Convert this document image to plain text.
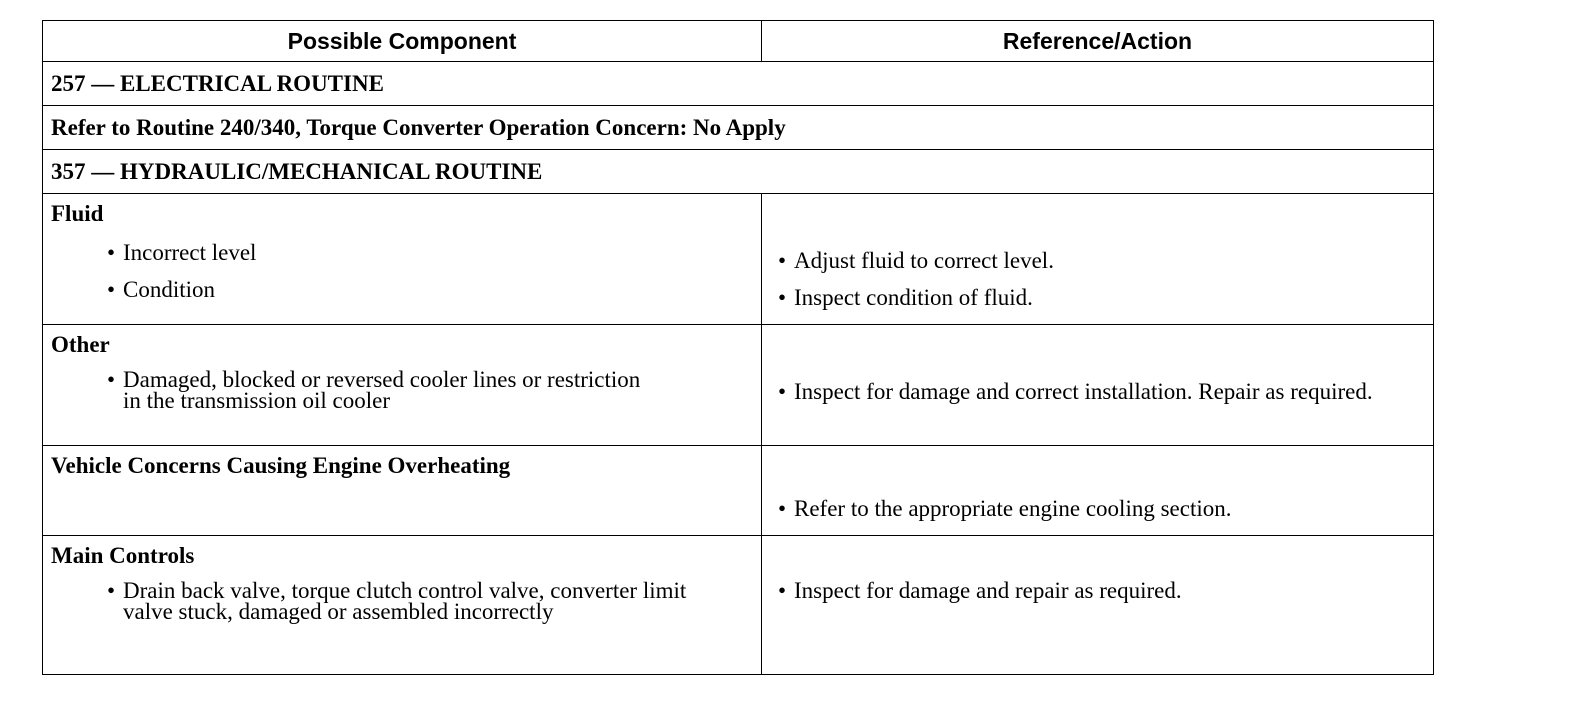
Possible Component	Reference/Action
257 — ELECTRICAL ROUTINE
Refer to Routine 240/340, Torque Converter Operation Concern: No Apply
357 — HYDRAULIC/MECHANICAL ROUTINE
Fluid
• Incorrect level
• Condition
• Adjust fluid to correct level.
• Inspect condition of fluid.
Other
• Damaged, blocked or reversed cooler lines or restriction in the transmission oil cooler	• Inspect for damage and correct installation. Repair as required.
Vehicle Concerns Causing Engine Overheating
• Refer to the appropriate engine cooling section.
Main Controls
• Drain back valve, torque clutch control valve, converter limit valve stuck, damaged or assembled incorrectly
• Inspect for damage and repair as required.
